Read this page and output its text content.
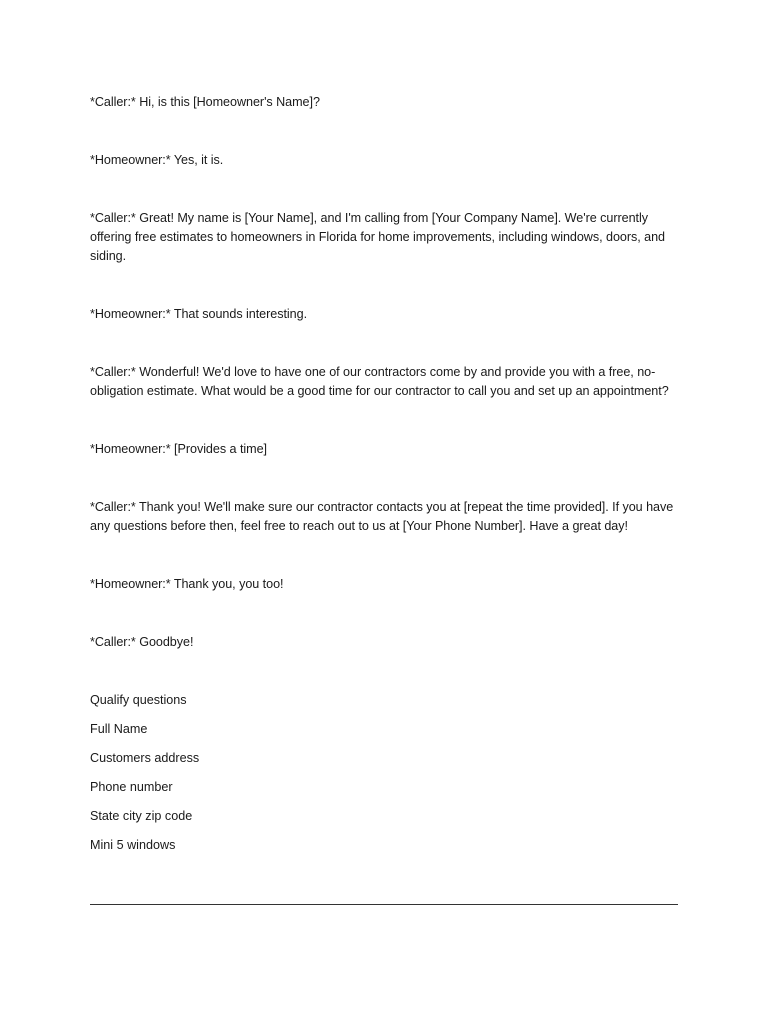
*Caller:* Hi, is this [Homeowner's Name]?

*Homeowner:* Yes, it is.

*Caller:* Great! My name is [Your Name], and I'm calling from [Your Company Name]. We're currently offering free estimates to homeowners in Florida for home improvements, including windows, doors, and siding.

*Homeowner:* That sounds interesting.

*Caller:* Wonderful! We'd love to have one of our contractors come by and provide you with a free, no-obligation estimate. What would be a good time for our contractor to call you and set up an appointment?

*Homeowner:* [Provides a time]

*Caller:* Thank you! We'll make sure our contractor contacts you at [repeat the time provided]. If you have any questions before then, feel free to reach out to us at [Your Phone Number]. Have a great day!

*Homeowner:* Thank you, you too!

*Caller:* Goodbye!

Qualify questions

Full Name

Customers address

Phone number

State city zip code

Mini 5 windows
